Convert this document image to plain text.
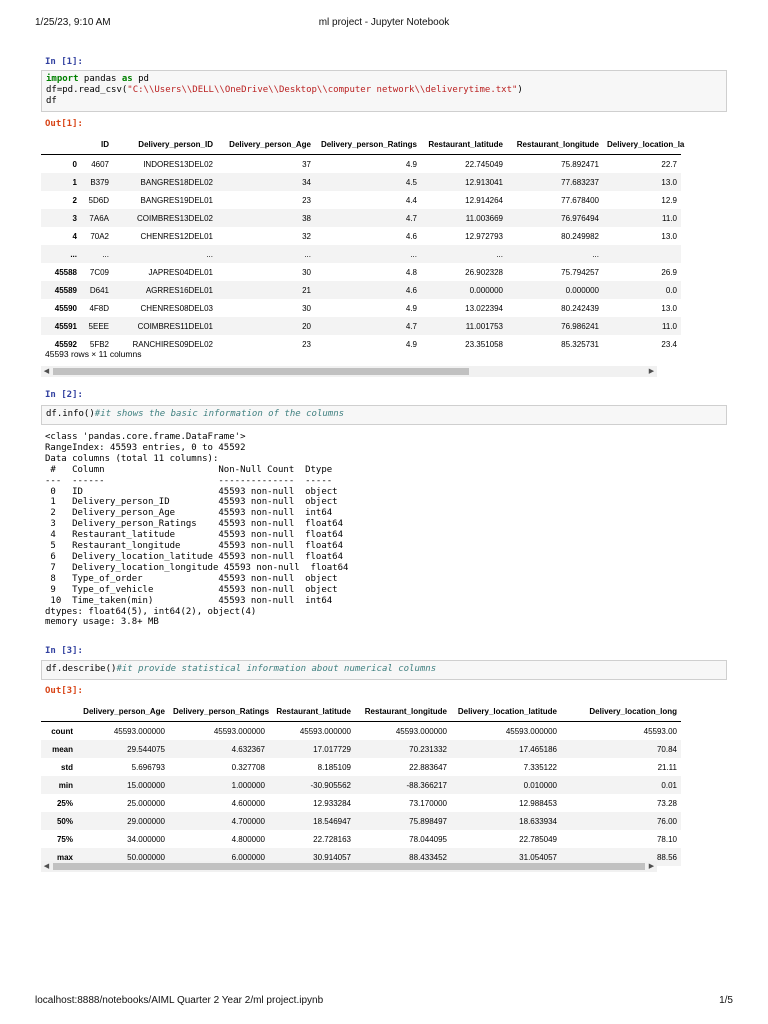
1/25/23, 9:10 AM	ml project - Jupyter Notebook
localhost:8888/notebooks/AIML Quarter 2 Year 2/ml project.ipynb	1/5
In [1]:
import pandas as pd
df=pd.read_csv("C:\\Users\\DELL\\OneDrive\\Desktop\\computer network\\deliverytime.txt")
df
Out[1]:
	ID	Delivery_person_ID	Delivery_person_Age	Delivery_person_Ratings	Restaurant_latitude	Restaurant_longitude	Delivery_location_la
0	4607	INDORES13DEL02	37	4.9	22.745049	75.892471	22.7
1	B379	BANGRES18DEL02	34	4.5	12.913041	77.683237	13.0
2	5D6D	BANGRES19DEL01	23	4.4	12.914264	77.678400	12.9
3	7A6A	COIMBRES13DEL02	38	4.7	11.003669	76.976494	11.0
4	70A2	CHENRES12DEL01	32	4.6	12.972793	80.249982	13.0
...	...	...	...	...	...	...	
45588	7C09	JAPRES04DEL01	30	4.8	26.902328	75.794257	26.9
45589	D641	AGRRES16DEL01	21	4.6	0.000000	0.000000	0.0
45590	4F8D	CHENRES08DEL03	30	4.9	13.022394	80.242439	13.0
45591	5EEE	COIMBRES11DEL01	20	4.7	11.001753	76.986241	11.0
45592	5FB2	RANCHIRES09DEL02	23	4.9	23.351058	85.325731	23.4
45593 rows × 11 columns
◀	▶
In [2]:
df.info()#it shows the basic information of the columns
<class 'pandas.core.frame.DataFrame'>
RangeIndex: 45593 entries, 0 to 45592
Data columns (total 11 columns):
#   Column                     Non-Null Count  Dtype
---  ------                     --------------  -----
0   ID                         45593 non-null  object
1   Delivery_person_ID         45593 non-null  object
2   Delivery_person_Age        45593 non-null  int64
3   Delivery_person_Ratings    45593 non-null  float64
4   Restaurant_latitude        45593 non-null  float64
5   Restaurant_longitude       45593 non-null  float64
6   Delivery_location_latitude 45593 non-null  float64
7   Delivery_location_longitude 45593 non-null  float64
8   Type_of_order              45593 non-null  object
9   Type_of_vehicle            45593 non-null  object
10  Time_taken(min)            45593 non-null  int64
dtypes: float64(5), int64(2), object(4)
memory usage: 3.8+ MB
In [3]:
df.describe()#it provide statistical information about numerical columns
Out[3]:
	Delivery_person_Age	Delivery_person_Ratings	Restaurant_latitude	Restaurant_longitude	Delivery_location_latitude	Delivery_location_long
count	45593.000000	45593.000000	45593.000000	45593.000000	45593.000000	45593.00
mean	29.544075	4.632367	17.017729	70.231332	17.465186	70.84
std	5.696793	0.327708	8.185109	22.883647	7.335122	21.11
min	15.000000	1.000000	-30.905562	-88.366217	0.010000	0.01
25%	25.000000	4.600000	12.933284	73.170000	12.988453	73.28
50%	29.000000	4.700000	18.546947	75.898497	18.633934	76.00
75%	34.000000	4.800000	22.728163	78.044095	22.785049	78.10
max	50.000000	6.000000	30.914057	88.433452	31.054057	88.56
◀	▶
